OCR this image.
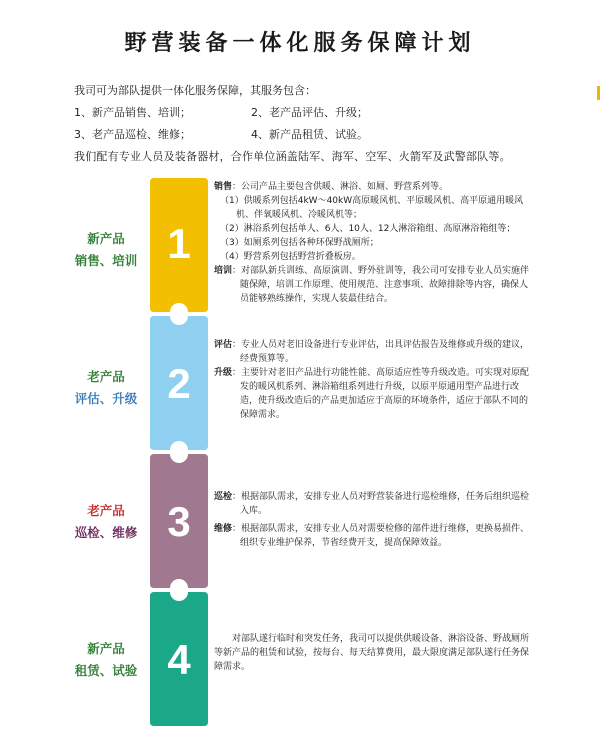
野营装备一体化服务保障计划
我司可为部队提供一体化服务保障，其服务包含：
1、新产品销售、培训；	2、老产品评估、升级；
3、老产品巡检、维修；	4、新产品租赁、试验。
我们配有专业人员及装备器材，合作单位涵盖陆军、海军、空军、火箭军及武警部队等。
1
新产品
销售、培训

销售：公司产品主要包含供暖、淋浴、如厕、野营系列等。

（1）供暖系列包括4kW～40kW高原暖风机、平原暖风机、高平原通用暖风机、伴氧暖风机、冷暖风机等；

（2）淋浴系列包括单人、6人、10人、12人淋浴箱组、高原淋浴箱组等；

（3）如厕系列包括各种环保野战厕所；

（4）野营系列包括野营折叠板房。

培训：对部队新兵训练、高原演训、野外驻训等，我公司可安排专业人员实施伴随保障，培训工作原理、使用规范、注意事项、故障排除等内容，确保人员能够熟练操作，实现人装最佳结合。

2
老产品
评估、升级

评估：专业人员对老旧设备进行专业评估，出具评估报告及维修或升级的建议，经费预算等。

升级：主要针对老旧产品进行功能性能、高原适应性等升级改造。可实现对原配发的暖风机系列、淋浴箱组系列进行升级，以原平原通用型产品进行改造，使升级改造后的产品更加适应于高原的环境条件，适应于部队不同的保障需求。

3
老产品
巡检、维修

巡检：根据部队需求，安排专业人员对野营装备进行巡检维修，任务后组织巡检入库。

维修：根据部队需求，安排专业人员对需要检修的部件进行维修，更换易损件、组织专业维护保养，节省经费开支，提高保障效益。

4
新产品
租赁、试验

对部队遂行临时和突发任务，我司可以提供供暖设备、淋浴设备、野战厕所等新产品的租赁和试验，按每台、每天结算费用，最大限度满足部队遂行任务保障需求。
